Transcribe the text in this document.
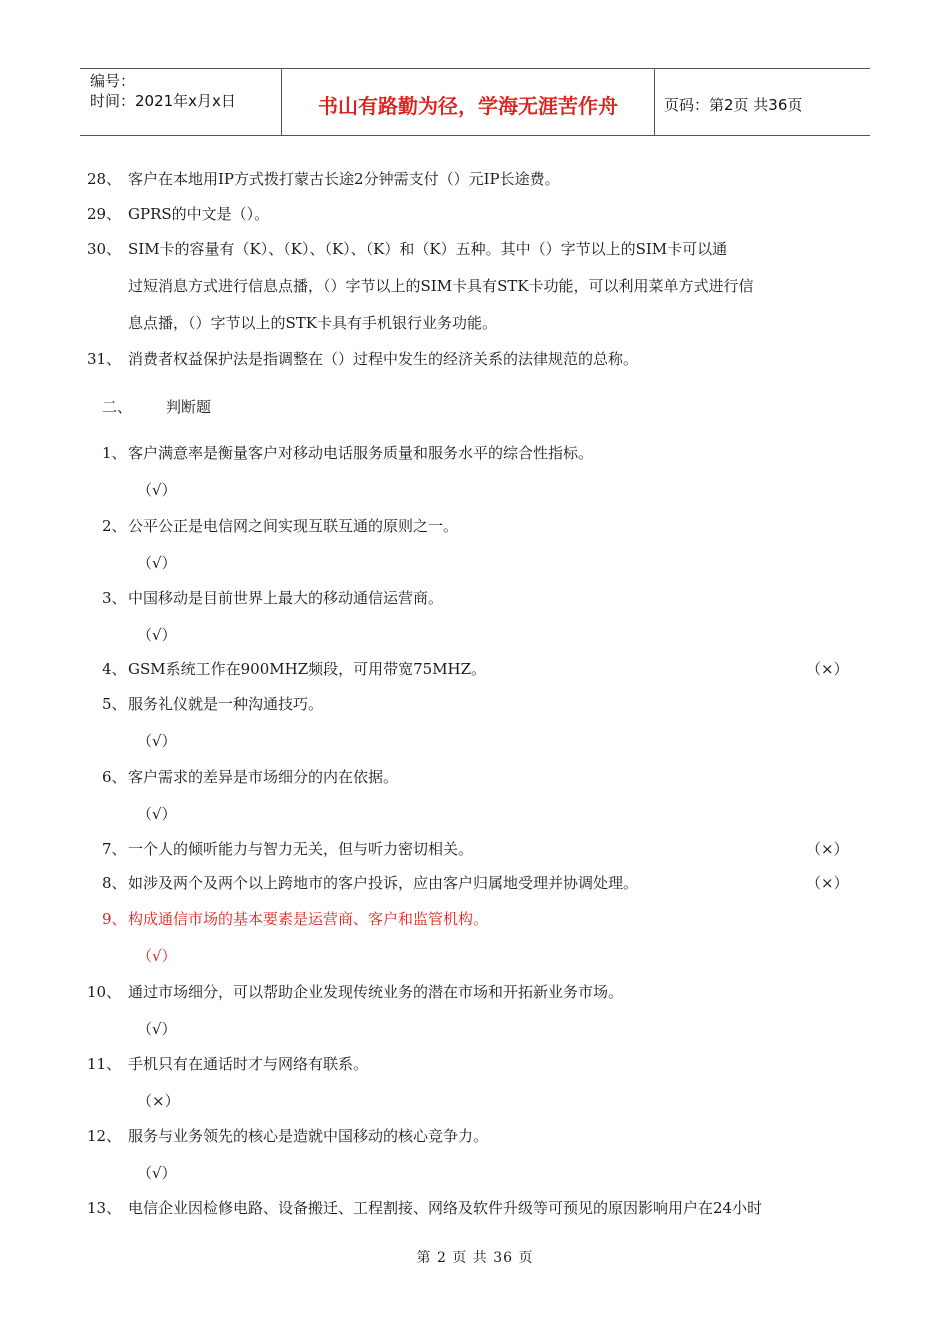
编号：
时间：2021年x月x日	书山有路勤为径，学海无涯苦作舟	页码：第2页 共36页
28、 客户在本地用IP方式拨打蒙古长途2分钟需支付（）元IP长途费。
29、 GPRS的中文是（）。
30、 SIM卡的容量有（K）、（K）、（K）、（K）和（K）五种。其中（）字节以上的SIM卡可以通
过短消息方式进行信息点播，（）字节以上的SIM卡具有STK卡功能，可以利用菜单方式进行信
息点播，（）字节以上的STK卡具有手机银行业务功能。
31、 消费者权益保护法是指调整在（）过程中发生的经济关系的法律规范的总称。
二、 判断题
1、 客户满意率是衡量客户对移动电话服务质量和服务水平的综合性指标。
（√）
2、 公平公正是电信网之间实现互联互通的原则之一。
（√）
3、 中国移动是目前世界上最大的移动通信运营商。
（√）
4、 GSM系统工作在900MHZ频段，可用带宽75MHZ。	（×）
5、 服务礼仪就是一种沟通技巧。
（√）
6、 客户需求的差异是市场细分的内在依据。
（√）
7、 一个人的倾听能力与智力无关，但与听力密切相关。	（×）
8、 如涉及两个及两个以上跨地市的客户投诉，应由客户归属地受理并协调处理。	（×）
9、 构成通信市场的基本要素是运营商、客户和监管机构。
（√）
10、 通过市场细分，可以帮助企业发现传统业务的潜在市场和开拓新业务市场。
（√）
11、 手机只有在通话时才与网络有联系。
（×）
12、 服务与业务领先的核心是造就中国移动的核心竞争力。
（√）
13、 电信企业因检修电路、设备搬迁、工程割接、网络及软件升级等可预见的原因影响用户在24小时
第 2 页 共 36 页
